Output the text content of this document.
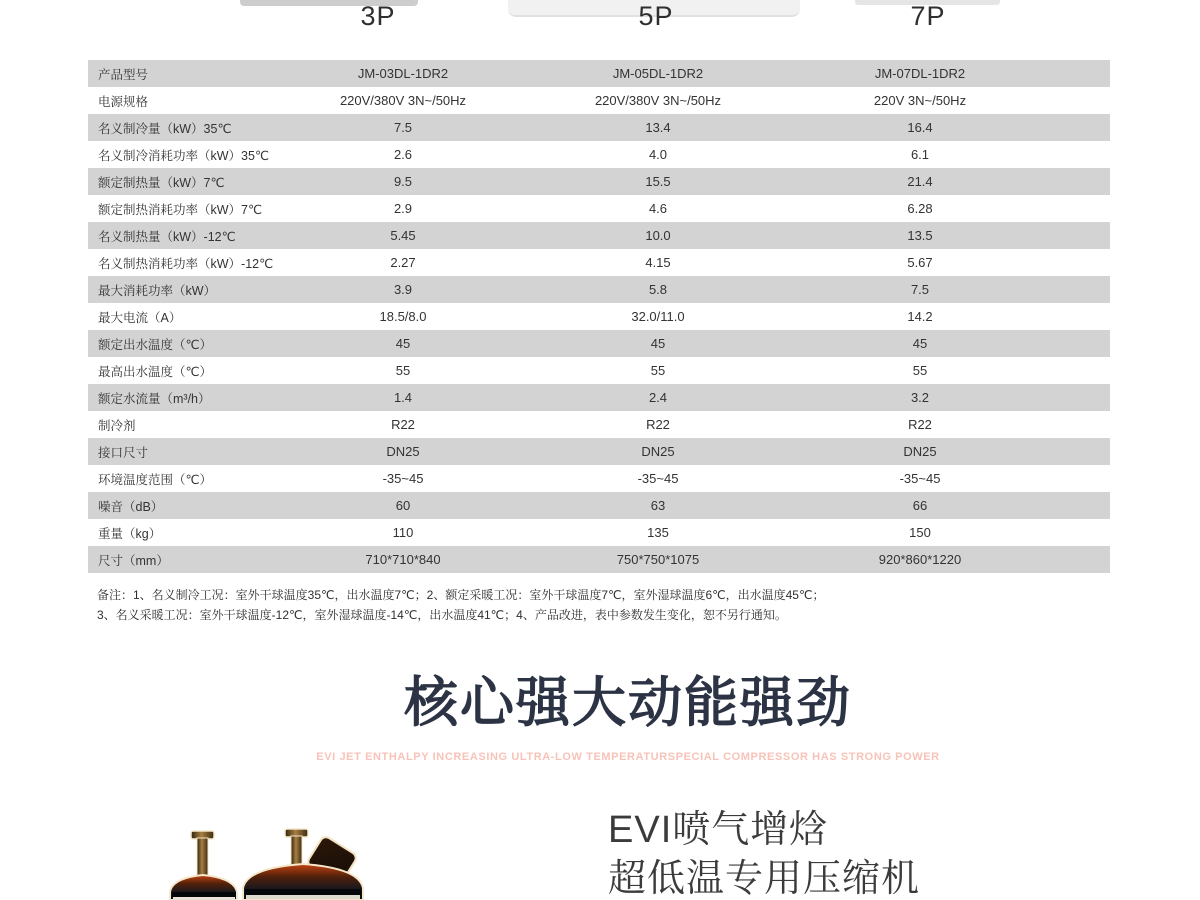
3P	5P	7P
产品型号	JM-03DL-1DR2	JM-05DL-1DR2	JM-07DL-1DR2
电源规格	220V/380V 3N~/50Hz	220V/380V 3N~/50Hz	220V 3N~/50Hz
名义制冷量（kW）35℃	7.5	13.4	16.4
名义制冷消耗功率（kW）35℃	2.6	4.0	6.1
额定制热量（kW）7℃	9.5	15.5	21.4
额定制热消耗功率（kW）7℃	2.9	4.6	6.28
名义制热量（kW）-12℃	5.45	10.0	13.5
名义制热消耗功率（kW）-12℃	2.27	4.15	5.67
最大消耗功率（kW）	3.9	5.8	7.5
最大电流（A）	18.5/8.0	32.0/11.0	14.2
额定出水温度（℃）	45	45	45
最高出水温度（℃）	55	55	55
额定水流量（m³/h）	1.4	2.4	3.2
制冷剂	R22	R22	R22
接口尺寸	DN25	DN25	DN25
环境温度范围（℃）	-35~45	-35~45	-35~45
噪音（dB）	60	63	66
重量（kg）	110	135	150
尺寸（mm）	710*710*840	750*750*1075	920*860*1220
备注：1、名义制冷工况：室外干球温度35℃，出水温度7℃；2、额定采暖工况：室外干球温度7℃，室外湿球温度6℃，出水温度45℃；
3、名义采暖工况：室外干球温度-12℃，室外湿球温度-14℃，出水温度41℃；4、产品改进，表中参数发生变化，恕不另行通知。
核心强大动能强劲
EVI JET ENTHALPY INCREASING ULTRA-LOW TEMPERATURSPECIAL COMPRESSOR HAS STRONG POWER
EVI喷气增焓
超低温专用压缩机
